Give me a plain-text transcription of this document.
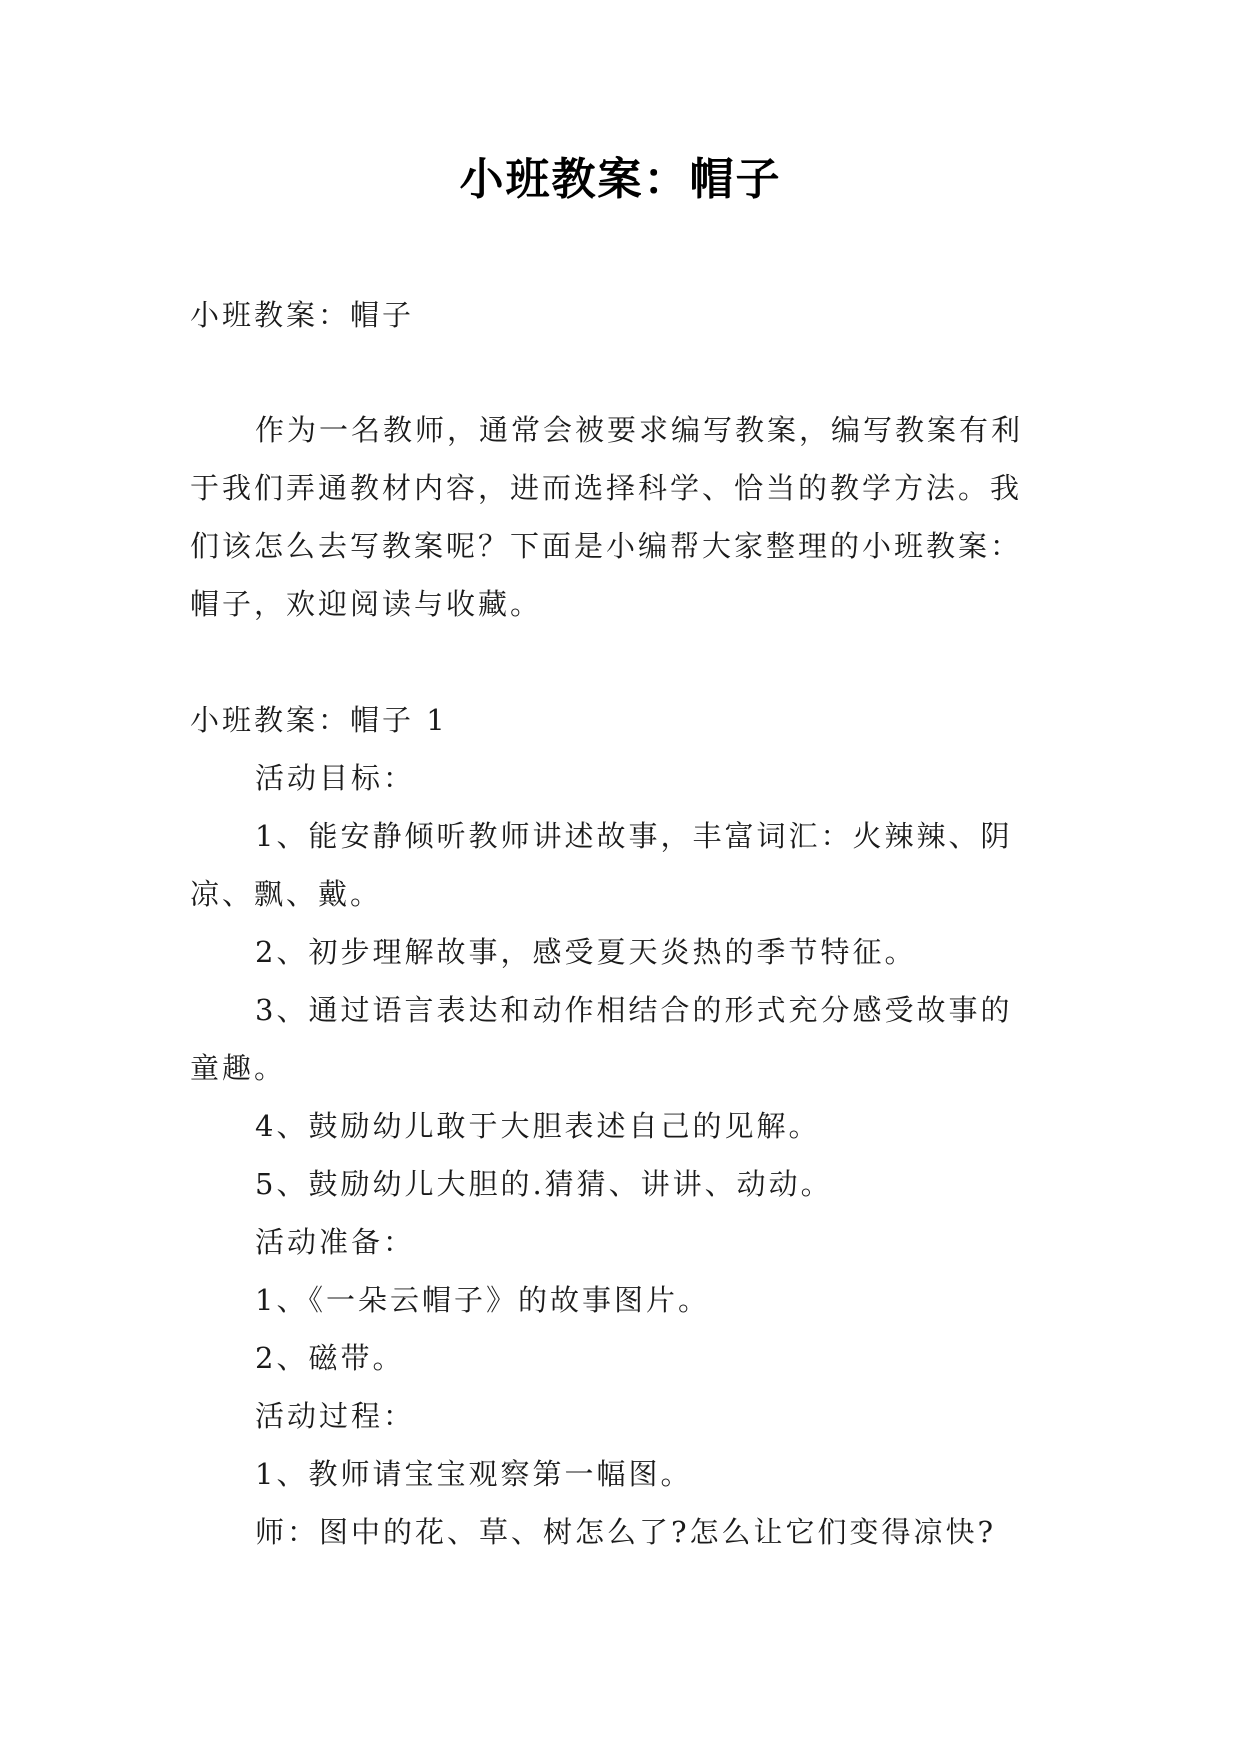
小班教案：帽子
小班教案：帽子
作为一名教师，通常会被要求编写教案，编写教案有利
于我们弄通教材内容，进而选择科学、恰当的教学方法。我
们该怎么去写教案呢？下面是小编帮大家整理的小班教案：
帽子，欢迎阅读与收藏。
小班教案：帽子 1
活动目标：
1、能安静倾听教师讲述故事，丰富词汇：火辣辣、阴
凉、飘、戴。
2、初步理解故事，感受夏天炎热的季节特征。
3、通过语言表达和动作相结合的形式充分感受故事的
童趣。
4、鼓励幼儿敢于大胆表述自己的见解。
5、鼓励幼儿大胆的.猜猜、讲讲、动动。
活动准备：
1、《一朵云帽子》的故事图片。
2、磁带。
活动过程：
1、教师请宝宝观察第一幅图。
师：图中的花、草、树怎么了?怎么让它们变得凉快?
